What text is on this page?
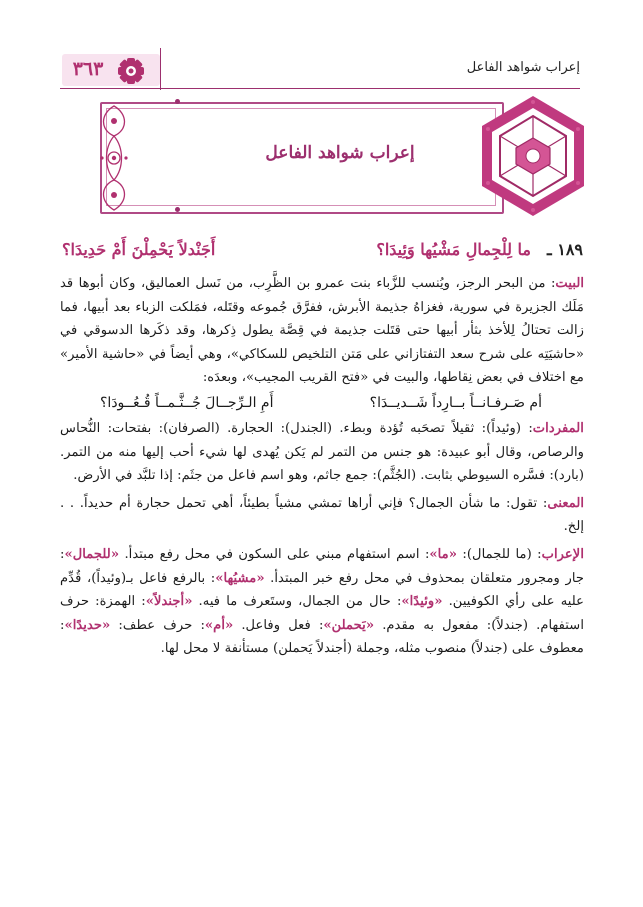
إعراب شواهد الفاعل
٣٦٣
إعراب شواهد الفاعل
١٨٩ ـ
ما لِلْجِمالِ مَشْيُها وَئِيدَا؟
أَجَنْدلاً يَحْمِلْنَ أَمْ حَدِيدَا؟

البيت: من البحر الرجز، ويُنسب للزَّباء بنت عمرو بن الظَّرِب، من نَسل العماليق، وكان أبوها قد مَلَك الجزيرة في سورية، فغزاهُ جذيمة الأبرش، ففرَّق جُموعه وقتَله، فمَلكت الزباء بعد أبيها، فما زالت تحتالُ لِلأخذ بثأر أبيها حتى قتَلت جذيمة في قِصَّة يطول ذِكرها، وقد ذكَرها الدسوقي في «حاشيَتِه على شرح سعد التفتازاني على مَتن التلخيص للسكاكي»، وهي أيضاً في «حاشية الأمير» مع اختلاف في بعض نِقاطها، والبيت في «فتح القريب المجيب»، وبعدَه:

أم صَـرفـانــاً بــارِداً شَــديــدَا؟
أَمِ الـرِّجــالَ جُــثَّـمــاً قُـعُــودَا؟

المفردات: (وئيداً): ثقيلاً تصحَبه تُؤدة وبطء. (الجندل): الحجارة. (الصرفان): بفتحات: النُّحاس والرصاص، وقال أبو عبيدة: هو جنس من التمر لم يَكن يُهدى لها شيء أحب إليها منه من التمر. (بارد): فسَّره السيوطي بثابت. (الجُثَّم): جمع جاثم، وهو اسم فاعل من جثَم: إذا تلبَّد في الأرض.

المعنى: تقول: ما شأن الجمال؟ فإني أراها تمشي مشياً بطيئاً، أهي تحمل حجارة أم حديداً. . . إلخ.

الإعراب: (ما للجمال): «ما»: اسم استفهام مبني على السكون في محل رفع مبتدأ. «للجمال»: جار ومجرور متعلقان بمحذوف في محل رفع خبر المبتدأ. «مشيُها»: بالرفع فاعل بـ(وئيداً)، قُدِّم عليه على رأي الكوفيين. «وئيدًا»: حال من الجمال، وستَعرف ما فيه. «أجندلاً»: الهمزة: حرف استفهام. (جندلاً): مفعول به مقدم. «يَحملن»: فعل وفاعل. «أم»: حرف عطف: «حديدًا»: معطوف على (جندلاً) منصوب مثله، وجملة (أجندلاً يَحملن) مستأنفة لا محل لها.
